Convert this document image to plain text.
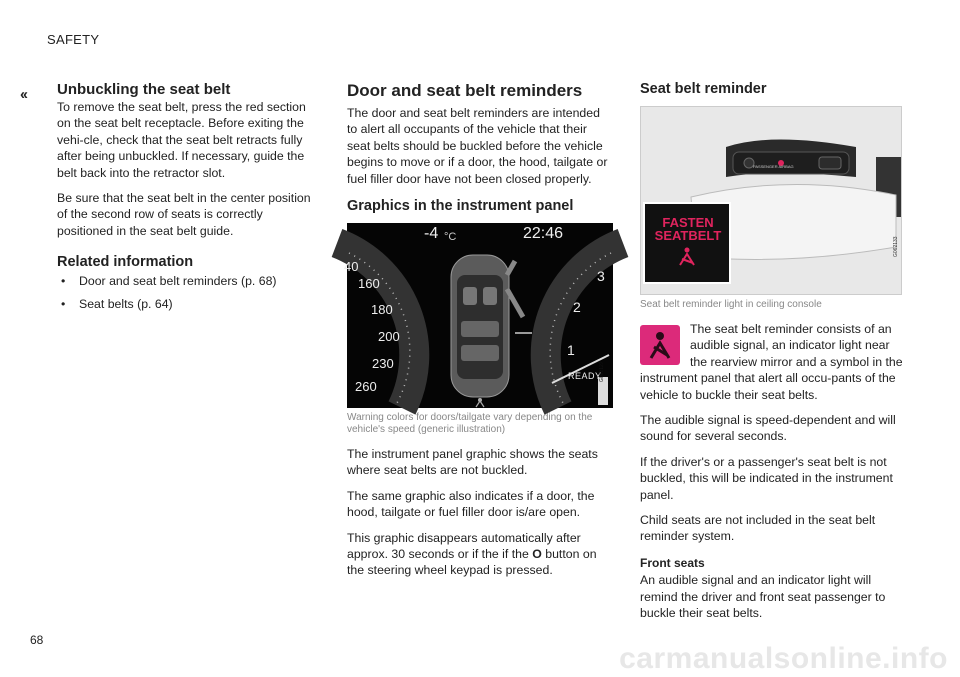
SAFETY
‹‹
68
Unbuckling the seat belt

To remove the seat belt, press the red section on the seat belt receptacle. Before exiting the vehi-cle, check that the seat belt retracts fully after being unbuckled. If necessary, guide the belt back into the retractor slot.

Be sure that the seat belt in the center position of the second row of seats is correctly positioned in the seat belt guide.

Related information
• Door and seat belt reminders (p. 68)
• Seat belts (p. 64)
Door and seat belt reminders

The door and seat belt reminders are intended to alert all occupants of the vehicle that their seat belts should be buckled before the vehicle begins to move or if a door, the hood, tailgate or fuel filler door have not been closed properly.

Graphics in the instrument panel
-4 °C	22:46
40
160
180
200
230
260
3
2
1
READY
G062127
Warning colors for doors/tailgate vary depending on the vehicle's speed (generic illustration)

The instrument panel graphic shows the seats where seat belts are not buckled.

The same graphic also indicates if a door, the hood, tailgate or fuel filler door is/are open.

This graphic disappears automatically after approx. 30 seconds or if the if the O button on the steering wheel keypad is pressed.

Seat belt reminder
PASSENGER AIRBAG
FASTEN
SEATBELT
G062133
Seat belt reminder light in ceiling console

The seat belt reminder consists of an audible signal, an indicator light near the rearview mirror and a symbol in the instrument panel that alert all occu-pants of the vehicle to buckle their seat belts.

The audible signal is speed-dependent and will sound for several seconds.

If the driver's or a passenger's seat belt is not buckled, this will be indicated in the instrument panel.

Child seats are not included in the seat belt reminder system.

Front seats

An audible signal and an indicator light will remind the driver and front seat passenger to buckle their seat belts.

carmanualsonline.info
